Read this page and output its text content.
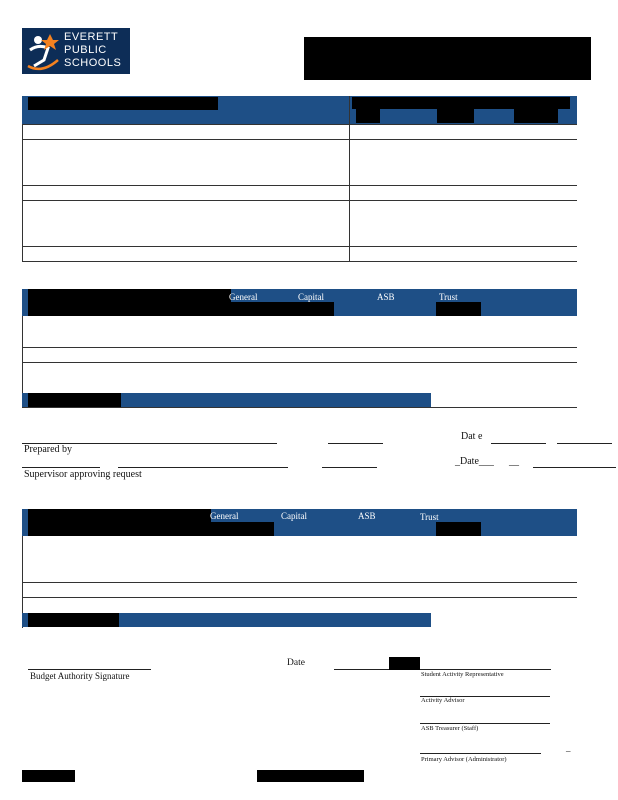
EVERETT
PUBLIC
SCHOOLS
General	Capital	ASB	Trust
Dat e
Prepared by
_Date___ __
Supervisor approving request
General	Capital	ASB	Trust
Budget Authority Signature
Date
Student Activity Representative
Activity Advisor
ASB Treasurer (Staff)
_
Primary Advisor (Administrator)
